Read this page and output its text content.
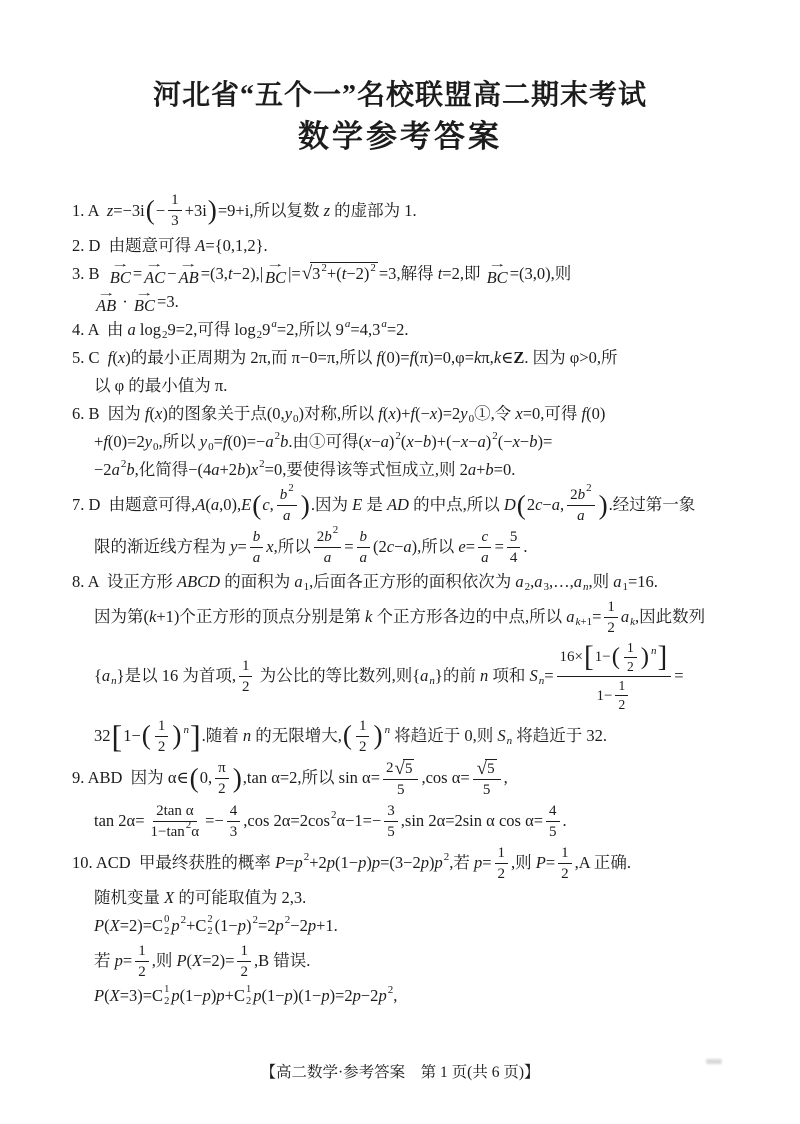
河北省“五个一”名校联盟高二期末考试
数学参考答案
1. A z=−3i ( − $\frac{1}{3} +3i$ ) =9+i ,所以复数 z 的虚部为 1.
2. D  由题意可得 A={0,1,2}.
3. B →
BC = →
AC − →
AB =(3,t−2),| →
BC |= √ 3 2 +(t−2) 2 =3 ,解得 t=2 ,即 →
BC =(3,0) ,则
→
AB · →
BC =3.
4. A  由 a log 2 9=2 ,可得 log 2 9 a =2 ,所以 9 a =4,3 a =2.
5. C f(x) 的最小正周期为 2π ,而 π−0=π ,所以 f(0)=f(π)=0,φ=kπ,k∈Z. 因为 φ>0 ,所
以 φ 的最小值为 π.
6. B  因为 f(x) 的图象关于点 (0,y 0 ) 对称,所以 f(x)+f(−x)=2y 0 ①,令 x=0 ,可得 f(0)
+f(0)=2y 0 ,所以 y 0 =f(0)=−a 2 b. 由①可得 (x−a) 2 (x−b)+(−x−a) 2 (−x−b)=
−2a 2 b ,化简得 −(4a+2b)x 2 =0 ,要使得该等式恒成立,则 2a+b=0.
7. D  由题意可得, A(a,0),E ( c, $\frac{b 2}{a}$ ) . 因为 E 是 AD 的中点,所以 D ( 2c−a, $\frac{2b 2}{a}$ ) . 经过第一象
限的渐近线方程为 $y= \frac{b}{a}$ x ,所以 $\frac{2b 2}{a} = \frac{b}{a} (2c-a)$ ,所以 $e= \frac{c}{a} = \frac{5}{4}$ .
8. A  设正方形 ABCD 的面积为 a 1 ,后面各正方形的面积依次为 a 2 ,a 3 ,…,a n ,则 a 1 =16.
因为第 (k+1) 个正方形的顶点分别是第 k 个正方形各边的中点,所以 a $k+1 = \frac{1}{2}$ a k ,因此数列
{a n } 是以 16 为首项, $\frac{1}{2}$ 为公比的等比数列,则 {a n } 的前 n 项和 S $n = \frac{16\times [ 1- ( \frac{1}{2} ) n ]}{1- \frac{1}{2}}$ =
32 [ 1− ( $\frac{1}{2}$ ) n ] . 随着 n 的无限增大, ( $\frac{1}{2}$ ) n 将趋近于 0,则 S n 将趋近于 32.
9. ABD  因为 α∈ ( 0, $\frac{\pi}{2}$ ) ,tan α=2 ,所以 $\sin \alpha= \frac{2 √ 5}{5} ,\cos$ $\alpha= \frac{√ 5}{5}$ ,
$\tan 2\alpha= \frac{\text{2tan α}}{1-\tan 2 \alpha} =- \frac{4}{3} ,\cos$ 2α=2cos 2 $\alpha-1=- \frac{3}{5} ,\sin$ 2α=2sin α $\cos \alpha= \frac{4}{5}$ .
10. ACD  甲最终获胜的概率 P=p 2 +2p(1−p)p=(3−2p)p 2 ,若 $p= \frac{1}{2}$ ,则 $P= \frac{1}{2} ,A$ 正确.
随机变量 X 的可能取值为 2,3.
P(X=2)=C 0
2 p 2 +C 2
2 (1−p) 2 =2p 2 −2p+1.
若 $p= \frac{1}{2}$ ,则 $P(X=2)= \frac{1}{2} ,B$ 错误.
P(X=3)=C 1
2 p(1−p)p+C 1
2 p(1−p)(1−p)=2p−2p 2 ,
【高二数学·参考答案　第 1 页(共 6 页)】
